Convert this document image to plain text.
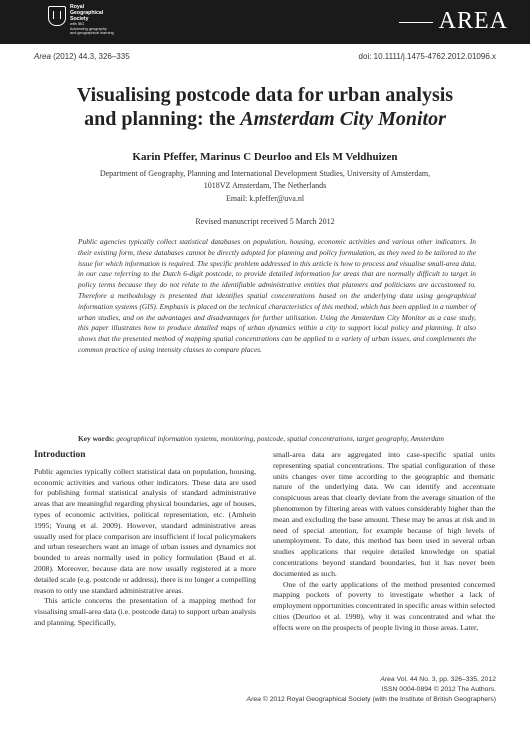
Royal
Geographical
Society
with IBG
Advancing geography
and geographical learning	AREA
Area (2012) 44.3, 326–335	doi: 10.1111/j.1475-4762.2012.01096.x
Visualising postcode data for urban analysis and planning: the Amsterdam City Monitor
Karin Pfeffer, Marinus C Deurloo and Els M Veldhuizen
Department of Geography, Planning and International Development Studies, University of Amsterdam,
1018VZ Amsterdam, The Netherlands
Email: k.pfeffer@uva.nl
Revised manuscript received 5 March 2012

Public agencies typically collect statistical databases on population, housing, economic activities and various other indicators. In their existing form, these databases cannot be directly adopted for planning and policy formulation, as they need to be tailored to the issue for which information is required. The specific problem addressed in this article is how to process and visualise small-area data, in our case referring to the Dutch 6-digit postcode, to provide detailed information for areas that are normally difficult to target in policy terms because they do not relate to the identifiable administrative entities that planners and politicians are accustomed to. Therefore a methodology is presented that identifies spatial concentrations based on the underlying data using geographical information systems (GIS). Emphasis is placed on the technical characteristics of this method, which has been applied in a number of urban studies, and on the advantages and disadvantages for further utilisation. Using the Amsterdam City Monitor as a case study, this paper illustrates how to produce detailed maps of urban dynamics within a city to support local policy and planning. It also shows that the presented method of mapping spatial concentrations can be applied to a variety of urban issues, and complements the common practice of using intensity classes to compare places.

Key words: geographical information systems, monitoring, postcode, spatial concentrations, target geography, Amsterdam

Introduction

Public agencies typically collect statistical data on population, housing, economic activities and various other indicators. These data are used for publishing formal statistical analysis of standard administrative areas that are meaningful regarding physical boundaries, age of houses, types of economic activities, political representation, etc. (Amhein 1995; Young et al. 2009). However, standard administrative areas usually used for place comparison are insufficient if local policymakers and urban researchers want an image of urban issues and dynamics not bounded to areas normally used in policy formulation (Baud et al. 2008). Moreover, because data are now usually registered at a more detailed scale (e.g. postcode or address), there is no longer a compelling reason to only use standard administrative areas.

This article concerns the presentation of a mapping method for visualising small-area data (i.e. postcode data) to support urban analysis and planning. Specifically,

small-area data are aggregated into case-specific spatial units representing spatial concentrations. The spatial configuration of these units changes over time according to the geographic and thematic nature of the underlying data. We can identify and accentuate conspicuous areas that clearly deviate from the average situation of the phenomenon by filtering areas with values considerably higher than the mean and excluding the base amount. These may be areas at risk and in need of special attention, for example because of high levels of unemployment. To date, this method has been used in several urban studies applications that require detailed knowledge on spatial concentrations beyond standard boundaries, but it has never been documented as such.

One of the early applications of the method presented concerned mapping pockets of poverty to investigate whether a lack of employment opportunities concentrated in specific areas within selected cities (Deurloo et al. 1998), why it was concentrated and what the effects were on the prospects of people living in those areas. Later,

Area Vol. 44 No. 3, pp. 326–335, 2012
ISSN 0004-0894 © 2012 The Authors.
Area © 2012 Royal Geographical Society (with the Institute of British Geographers)
